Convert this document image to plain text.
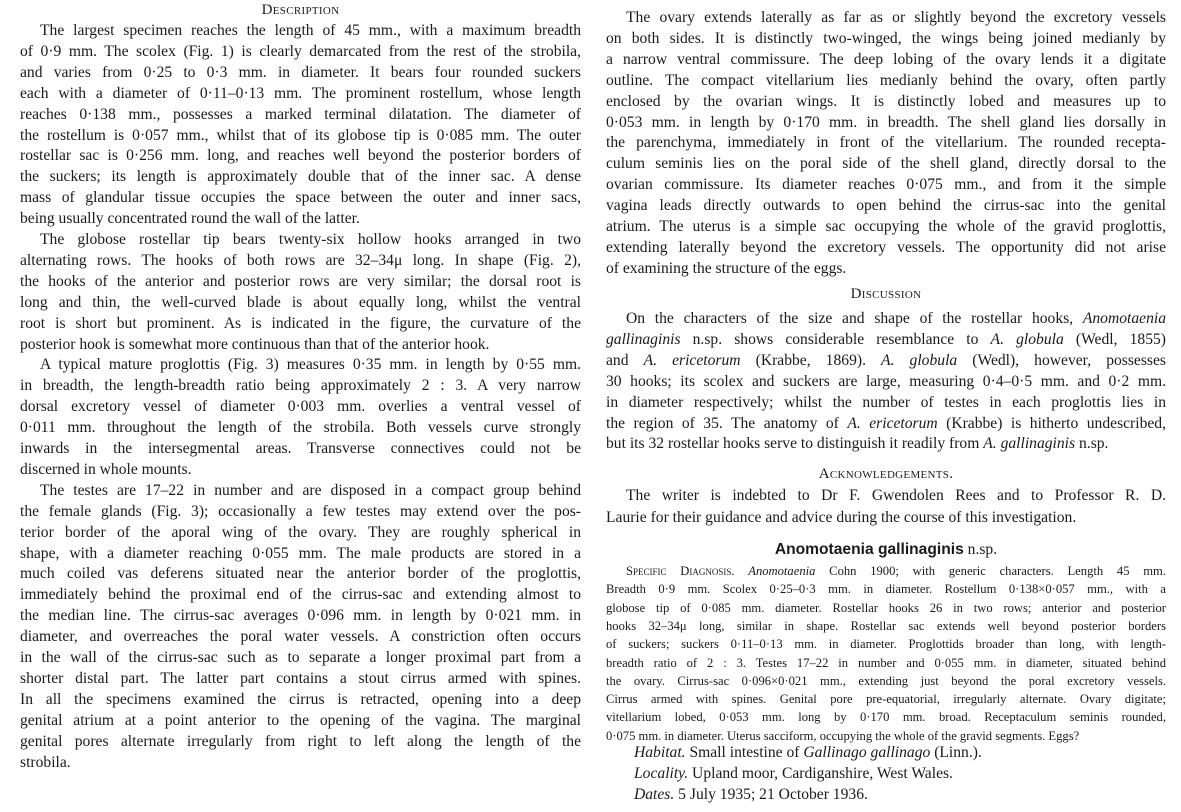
Description
The largest specimen reaches the length of 45 mm., with a maximum breadth
of 0·9 mm. The scolex (Fig. 1) is clearly demarcated from the rest of the strobila,
and varies from 0·25 to 0·3 mm. in diameter. It bears four rounded suckers
each with a diameter of 0·11–0·13 mm. The prominent rostellum, whose length
reaches 0·138 mm., possesses a marked terminal dilatation. The diameter of
the rostellum is 0·057 mm., whilst that of its globose tip is 0·085 mm. The outer
rostellar sac is 0·256 mm. long, and reaches well beyond the posterior borders of
the suckers; its length is approximately double that of the inner sac. A dense
mass of glandular tissue occupies the space between the outer and inner sacs,
being usually concentrated round the wall of the latter.
The globose rostellar tip bears twenty-six hollow hooks arranged in two
alternating rows. The hooks of both rows are 32–34μ long. In shape (Fig. 2),
the hooks of the anterior and posterior rows are very similar; the dorsal root is
long and thin, the well-curved blade is about equally long, whilst the ventral
root is short but prominent. As is indicated in the figure, the curvature of the
posterior hook is somewhat more continuous than that of the anterior hook.
A typical mature proglottis (Fig. 3) measures 0·35 mm. in length by 0·55 mm.
in breadth, the length-breadth ratio being approximately 2 : 3. A very narrow
dorsal excretory vessel of diameter 0·003 mm. overlies a ventral vessel of
0·011 mm. throughout the length of the strobila. Both vessels curve strongly
inwards in the intersegmental areas. Transverse connectives could not be
discerned in whole mounts.
The testes are 17–22 in number and are disposed in a compact group behind
the female glands (Fig. 3); occasionally a few testes may extend over the pos-
terior border of the aporal wing of the ovary. They are roughly spherical in
shape, with a diameter reaching 0·055 mm. The male products are stored in a
much coiled vas deferens situated near the anterior border of the proglottis,
immediately behind the proximal end of the cirrus-sac and extending almost to
the median line. The cirrus-sac averages 0·096 mm. in length by 0·021 mm. in
diameter, and overreaches the poral water vessels. A constriction often occurs
in the wall of the cirrus-sac such as to separate a longer proximal part from a
shorter distal part. The latter part contains a stout cirrus armed with spines.
In all the specimens examined the cirrus is retracted, opening into a deep
genital atrium at a point anterior to the opening of the vagina. The marginal
genital pores alternate irregularly from right to left along the length of the
strobila.
The ovary extends laterally as far as or slightly beyond the excretory vessels
on both sides. It is distinctly two-winged, the wings being joined medianly by
a narrow ventral commissure. The deep lobing of the ovary lends it a digitate
outline. The compact vitellarium lies medianly behind the ovary, often partly
enclosed by the ovarian wings. It is distinctly lobed and measures up to
0·053 mm. in length by 0·170 mm. in breadth. The shell gland lies dorsally in
the parenchyma, immediately in front of the vitellarium. The rounded recepta-
culum seminis lies on the poral side of the shell gland, directly dorsal to the
ovarian commissure. Its diameter reaches 0·075 mm., and from it the simple
vagina leads directly outwards to open behind the cirrus-sac into the genital
atrium. The uterus is a simple sac occupying the whole of the gravid proglottis,
extending laterally beyond the excretory vessels. The opportunity did not arise
of examining the structure of the eggs.
Discussion
On the characters of the size and shape of the rostellar hooks, Anomotaenia
gallinaginis n.sp. shows considerable resemblance to A. globula (Wedl, 1855)
and A. ericetorum (Krabbe, 1869). A. globula (Wedl), however, possesses
30 hooks; its scolex and suckers are large, measuring 0·4–0·5 mm. and 0·2 mm.
in diameter respectively; whilst the number of testes in each proglottis lies in
the region of 35. The anatomy of A. ericetorum (Krabbe) is hitherto undescribed,
but its 32 rostellar hooks serve to distinguish it readily from A. gallinaginis n.sp.
Acknowledgements.
The writer is indebted to Dr F. Gwendolen Rees and to Professor R. D.
Laurie for their guidance and advice during the course of this investigation.
Anomotaenia gallinaginis n.sp.
Specific Diagnosis. Anomotaenia Cohn 1900; with generic characters. Length 45 mm.
Breadth 0·9 mm. Scolex 0·25–0·3 mm. in diameter. Rostellum 0·138×0·057 mm., with a
globose tip of 0·085 mm. diameter. Rostellar hooks 26 in two rows; anterior and posterior
hooks 32–34μ long, similar in shape. Rostellar sac extends well beyond posterior borders
of suckers; suckers 0·11–0·13 mm. in diameter. Proglottids broader than long, with length-
breadth ratio of 2 : 3. Testes 17–22 in number and 0·055 mm. in diameter, situated behind
the ovary. Cirrus-sac 0·096×0·021 mm., extending just beyond the poral excretory vessels.
Cirrus armed with spines. Genital pore pre-equatorial, irregularly alternate. Ovary digitate;
vitellarium lobed, 0·053 mm. long by 0·170 mm. broad. Receptaculum seminis rounded,
0·075 mm. in diameter. Uterus sacciform, occupying the whole of the gravid segments. Eggs?
Habitat. Small intestine of Gallinago gallinago (Linn.).
Locality. Upland moor, Cardiganshire, West Wales.
Dates. 5 July 1935; 21 October 1936.
